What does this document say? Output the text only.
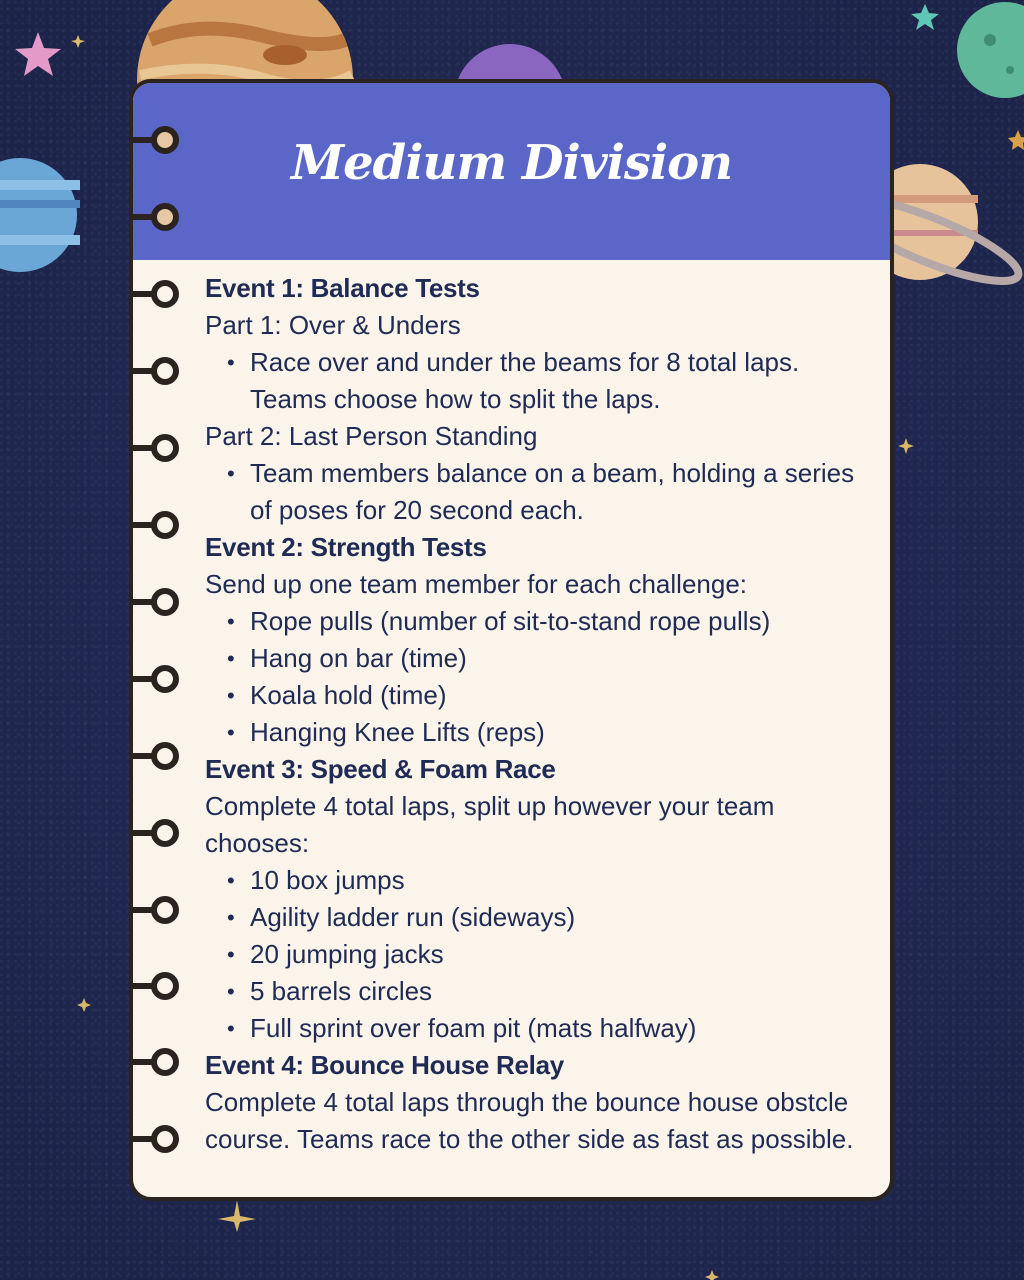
Medium Division
Event 1: Balance Tests
Part 1: Over & Unders
• Race over and under the beams for 8 total laps.
Teams choose how to split the laps.
Part 2: Last Person Standing
• Team members balance on a beam, holding a series
of poses for 20 second each.
Event 2: Strength Tests
Send up one team member for each challenge:
• Rope pulls (number of sit-to-stand rope pulls)
• Hang on bar (time)
• Koala hold (time)
• Hanging Knee Lifts (reps)
Event 3: Speed & Foam Race
Complete 4 total laps, split up however your team
chooses:
• 10 box jumps
• Agility ladder run (sideways)
• 20 jumping jacks
• 5 barrels circles
• Full sprint over foam pit (mats halfway)
Event 4: Bounce House Relay
Complete 4 total laps through the bounce house obstcle
course. Teams race to the other side as fast as possible.
